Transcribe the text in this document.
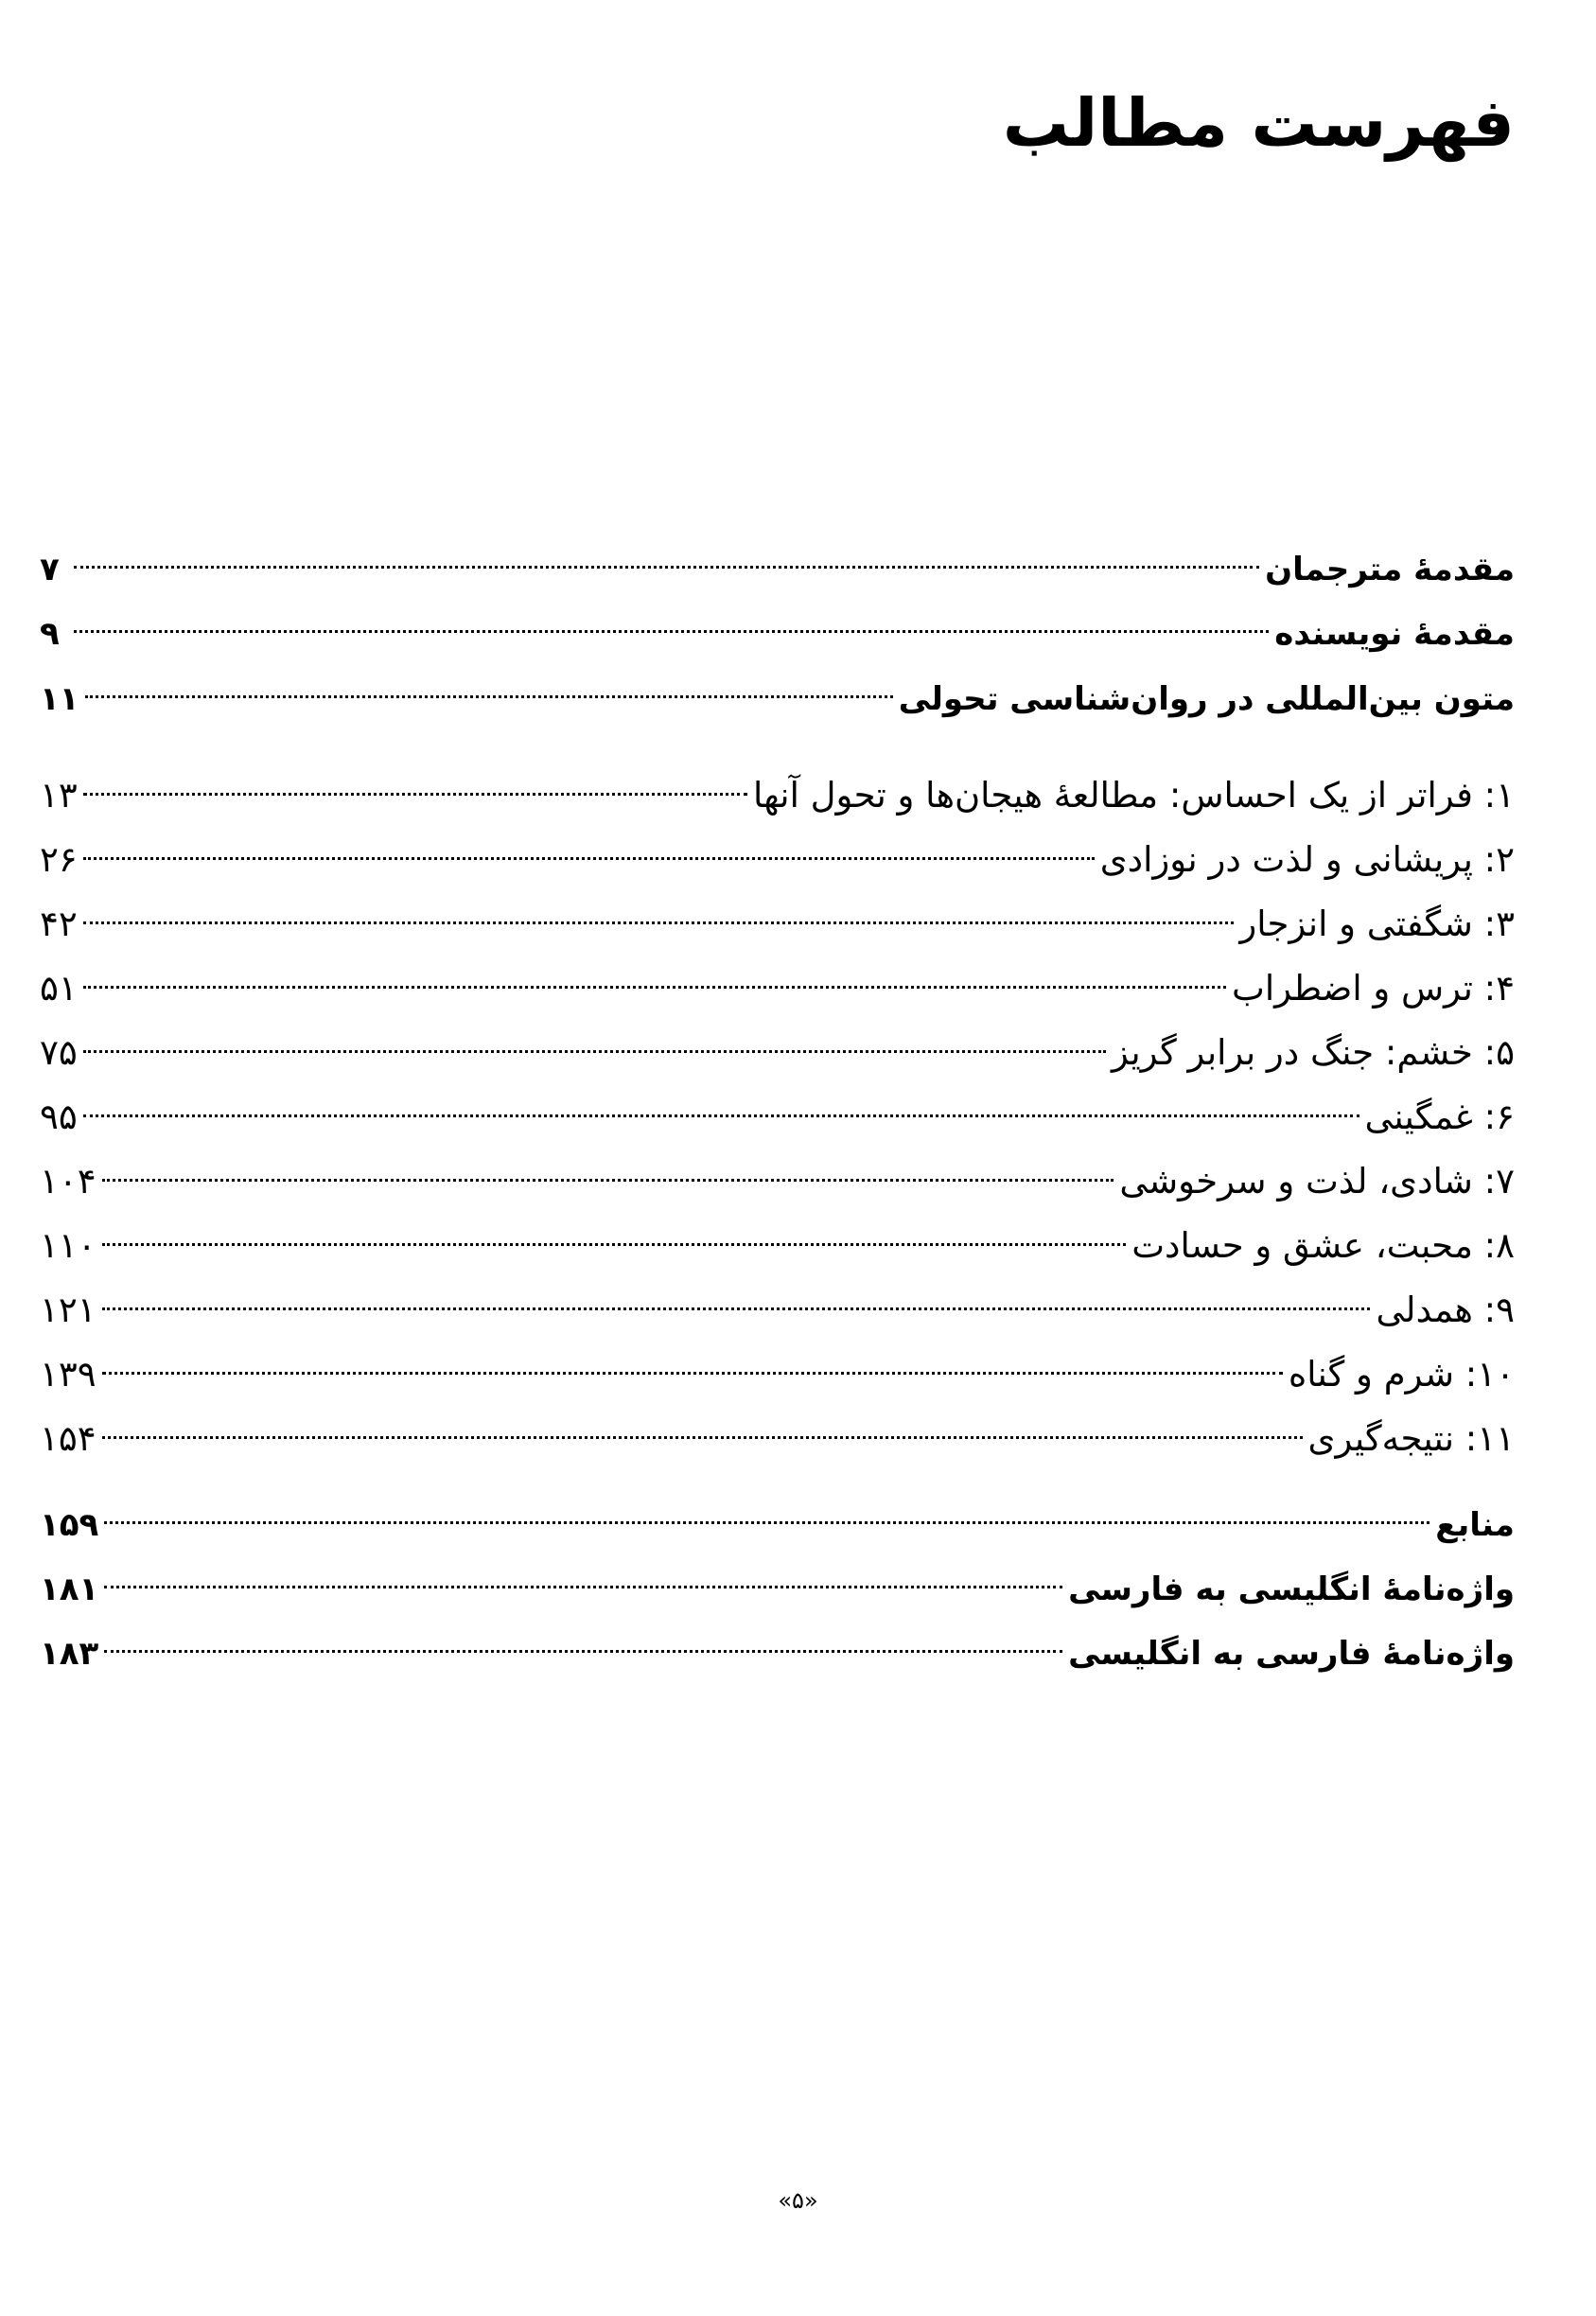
فهرست مطالب
مقدمهٔ مترجمان
۷
مقدمهٔ نویسنده
۹
متون بین‌المللی در روان‌شناسی تحولی
۱۱
۱: فراتر از یک احساس: مطالعهٔ هیجان‌ها و تحول آنها
۱۳
۲: پریشانی و لذت در نوزادی
۲۶
۳: شگفتی و انزجار
۴۲
۴: ترس و اضطراب
۵۱
۵: خشم: جنگ در برابر گریز
۷۵
۶: غمگینی
۹۵
۷: شادی، لذت و سرخوشی
۱۰۴
۸: محبت، عشق و حسادت
۱۱۰
۹: همدلی
۱۲۱
۱۰: شرم و گناه
۱۳۹
۱۱: نتیجه‌گیری
۱۵۴
منابع
۱۵۹
واژه‌نامهٔ انگلیسی به فارسی
۱۸۱
واژه‌نامهٔ فارسی به انگلیسی
۱۸۳
«۵»
